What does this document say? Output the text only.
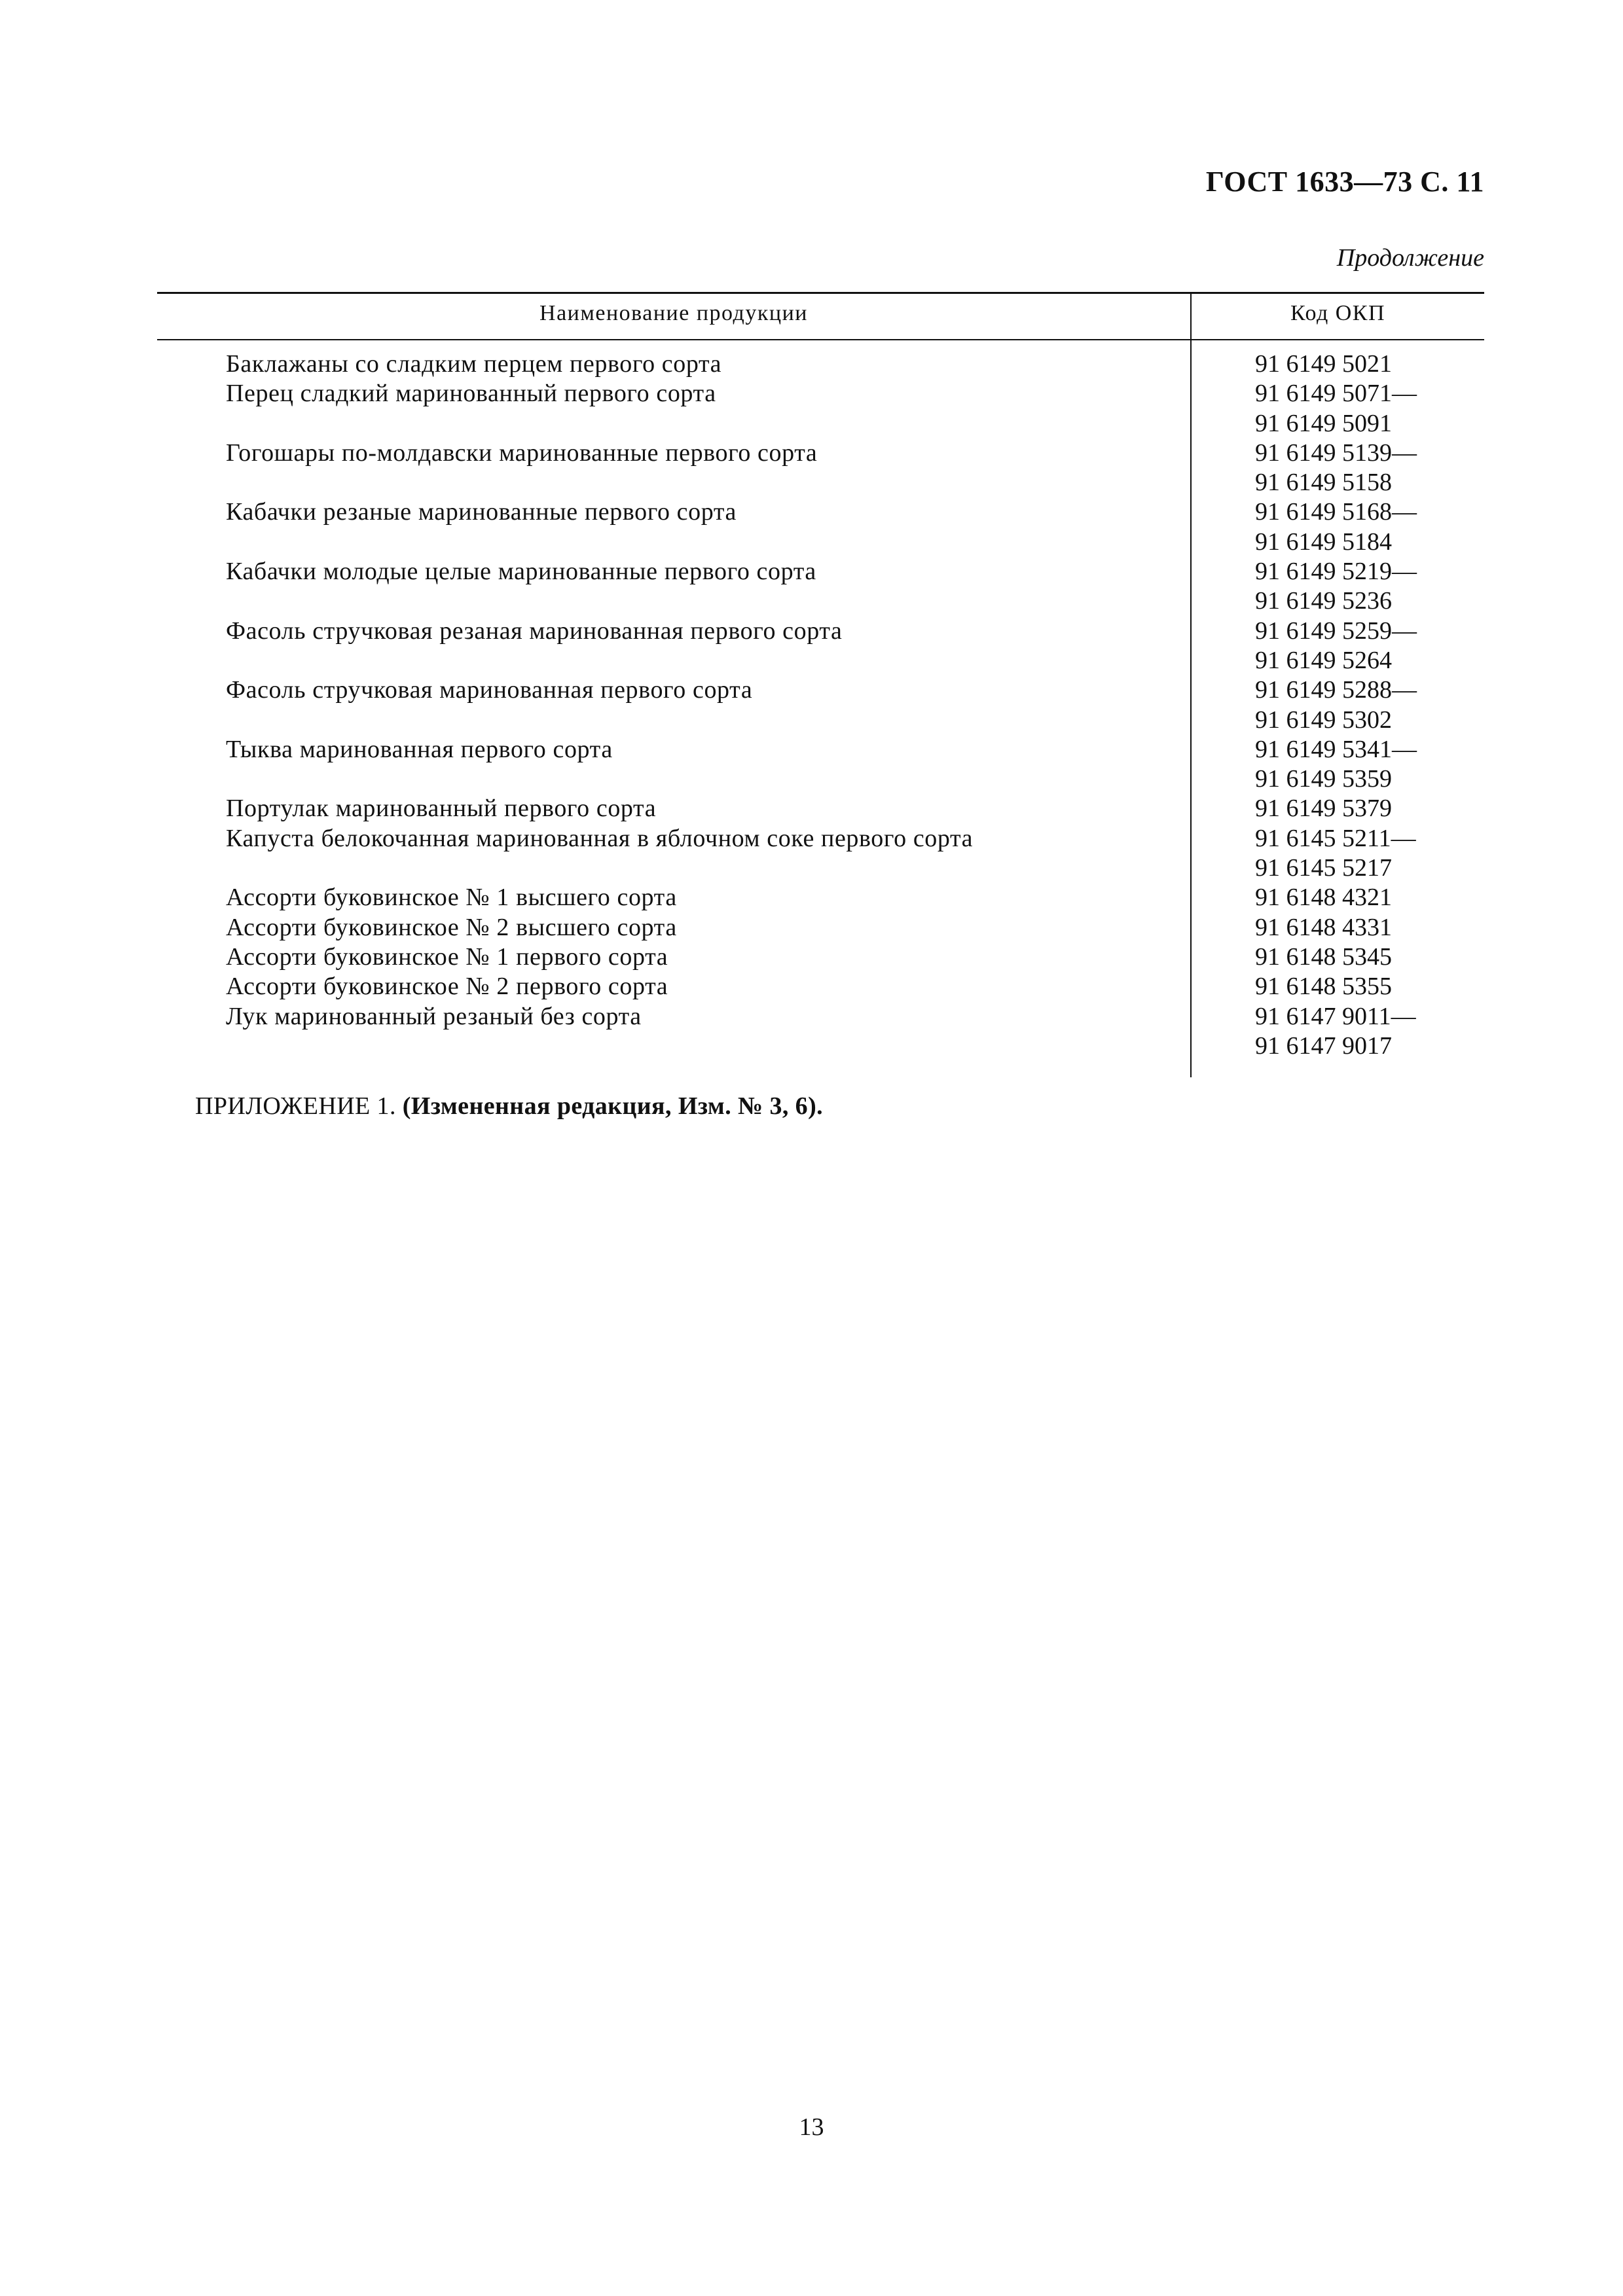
ГОСТ 1633—73 С. 11
Продолжение
Наименование продукции	Код ОКП
Баклажаны со сладким перцем первого сорта	91 6149 5021
Перец сладкий маринованный первого сорта	91 6149 5071—
91 6149 5091
Гогошары по-молдавски маринованные первого сорта	91 6149 5139—
91 6149 5158
Кабачки резаные маринованные первого сорта	91 6149 5168—
91 6149 5184
Кабачки молодые целые маринованные первого сорта	91 6149 5219—
91 6149 5236
Фасоль стручковая резаная маринованная первого сорта	91 6149 5259—
91 6149 5264
Фасоль стручковая маринованная первого сорта	91 6149 5288—
91 6149 5302
Тыква маринованная первого сорта	91 6149 5341—
91 6149 5359
Портулак маринованный первого сорта	91 6149 5379
Капуста белокочанная маринованная в яблочном соке первого сорта	91 6145 5211—
91 6145 5217
Ассорти буковинское № 1 высшего сорта	91 6148 4321
Ассорти буковинское № 2 высшего сорта	91 6148 4331
Ассорти буковинское № 1 первого сорта	91 6148 5345
Ассорти буковинское № 2 первого сорта	91 6148 5355
Лук маринованный резаный без сорта	91 6147 9011—
91 6147 9017
ПРИЛОЖЕНИЕ 1. (Измененная редакция, Изм. № 3, 6).
13
